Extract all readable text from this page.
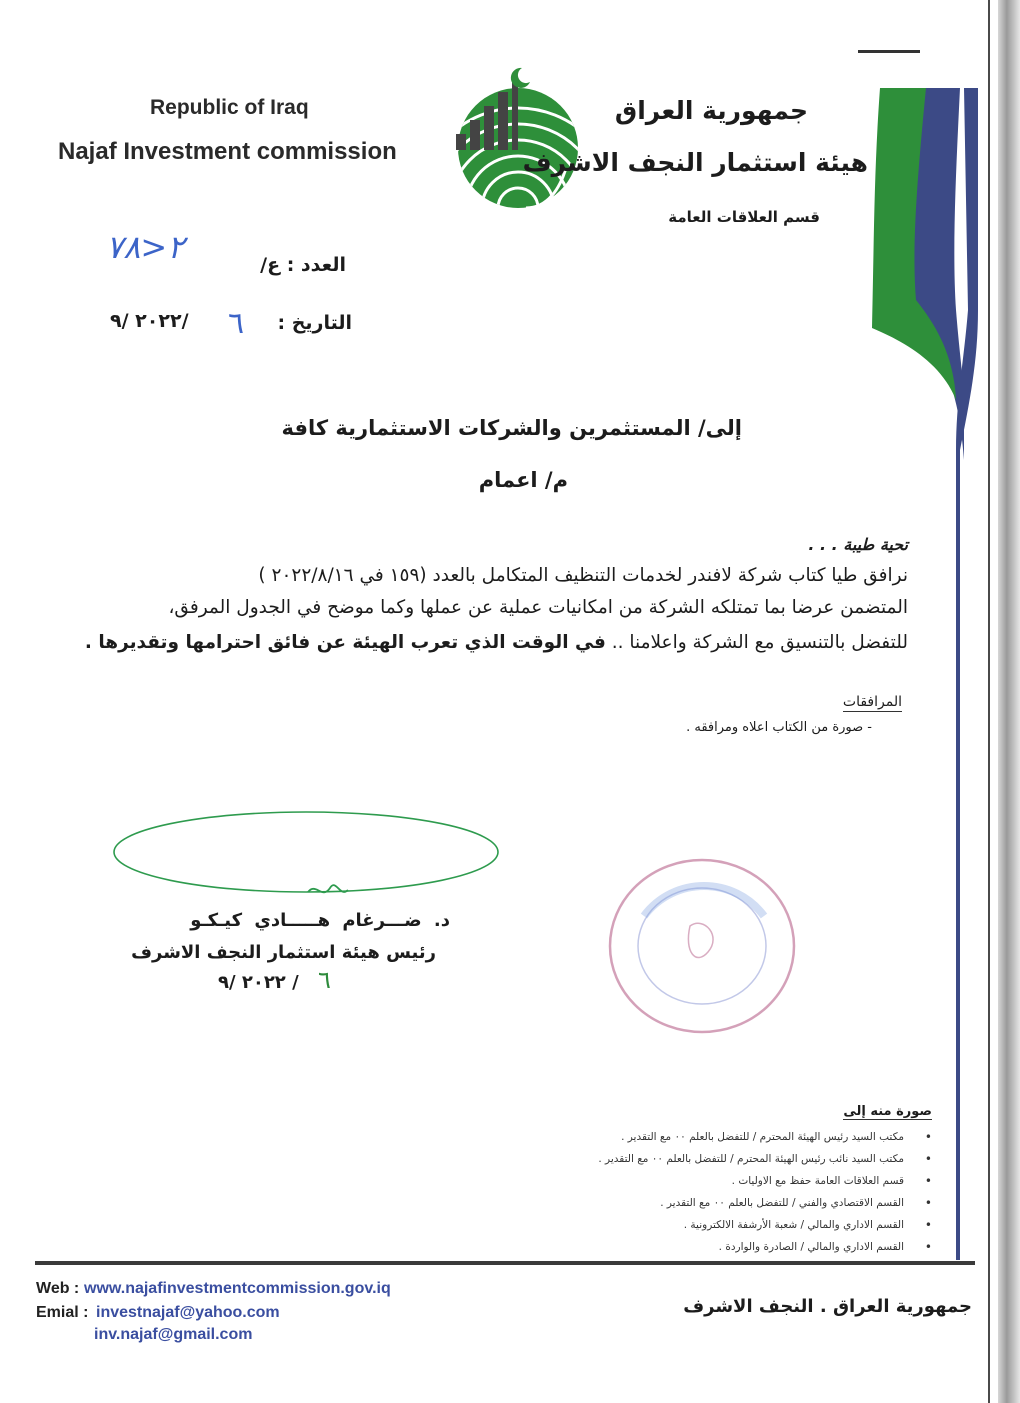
Republic of Iraq
Najaf Investment commission
جمهورية العراق
هيئة استثمار النجف الاشرف
قسم العلاقات العامة
العدد : ع/
٢<٧٨
التاريخ :
٦
٢٠٢٢ /٩/
إلى/ المستثمرين والشركات الاستثمارية كافة
م/ اعمام
تحية طيبة . . .
نرافق طيا كتاب شركة لافندر لخدمات التنظيف المتكامل بالعدد (١٥٩ في ٢٠٢٢/٨/١٦ )
المتضمن عرضا بما تمتلكه الشركة من امكانيات عملية عن عملها وكما موضح في الجدول المرفق،
للتفضل بالتنسيق مع الشركة واعلامنا .. في الوقت الذي تعرب الهيئة عن فائق احترامها وتقديرها .
المرافقات
- صورة من الكتاب اعلاه ومرافقه .
د. ضـــرغام هـــــادي كيـكـو
رئيس هيئة استثمار النجف الاشرف
٦
٢٠٢٢ /٩ /
صورة منه إلى
•
مكتب السيد رئيس الهيئة المحترم / للتفضل بالعلم ٠٠ مع التقدير .
•
مكتب السيد نائب رئيس الهيئة المحترم / للتفضل بالعلم ٠٠ مع التقدير .
•
قسم العلاقات العامة حفظ مع الاوليات .
•
القسم الاقتصادي والفني / للتفضل بالعلم ٠٠ مع التقدير .
•
القسم الاداري والمالي / شعبة الأرشفة الالكترونية .
•
القسم الاداري والمالي / الصادرة والواردة .
Web : www.najafinvestmentcommission.gov.iq
Emial : investnajaf@yahoo.com
inv.najaf@gmail.com
جمهورية العراق . النجف الاشرف
